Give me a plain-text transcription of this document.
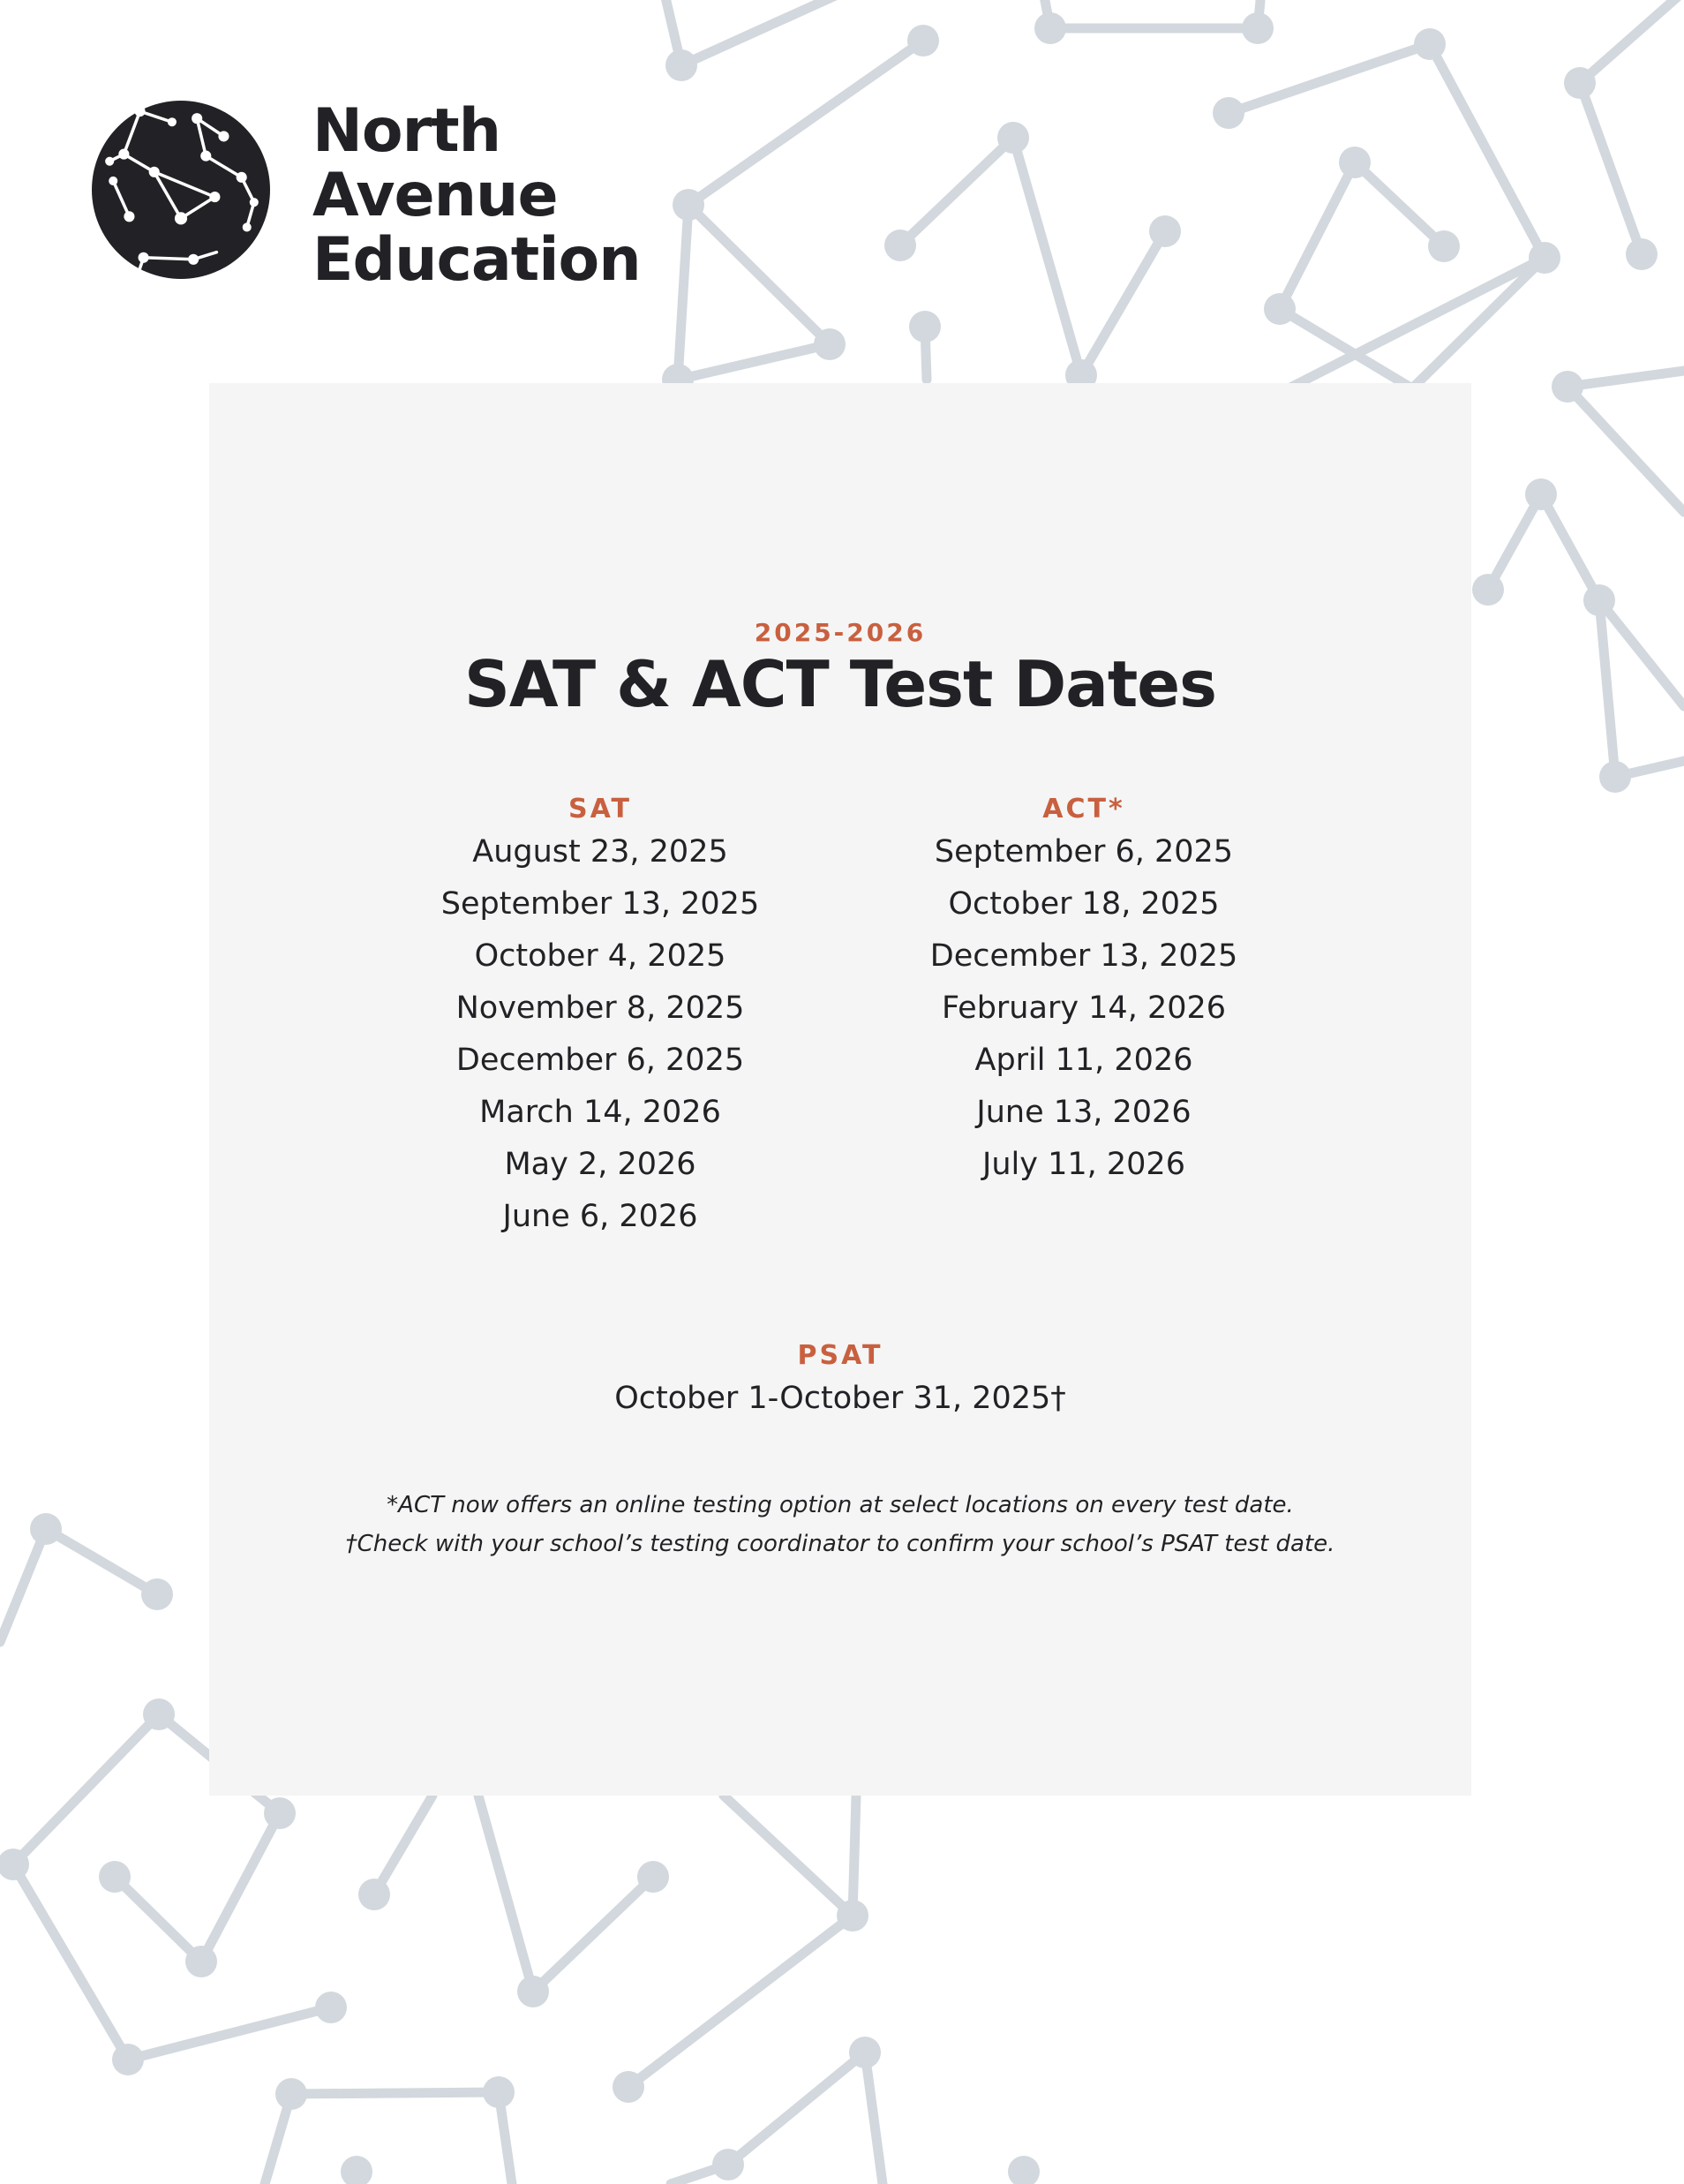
North
Avenue
Education
2025-2026
SAT & ACT Test Dates
SAT
August 23, 2025
September 13, 2025
October 4, 2025
November 8, 2025
December 6, 2025
March 14, 2026
May 2, 2026
June 6, 2026
ACT*
September 6, 2025
October 18, 2025
December 13, 2025
February 14, 2026
April 11, 2026
June 13, 2026
July 11, 2026
PSAT
October 1-October 31, 2025†
*ACT now offers an online testing option at select locations on every test date.
†Check with your school’s testing coordinator to confirm your school’s PSAT test date.
